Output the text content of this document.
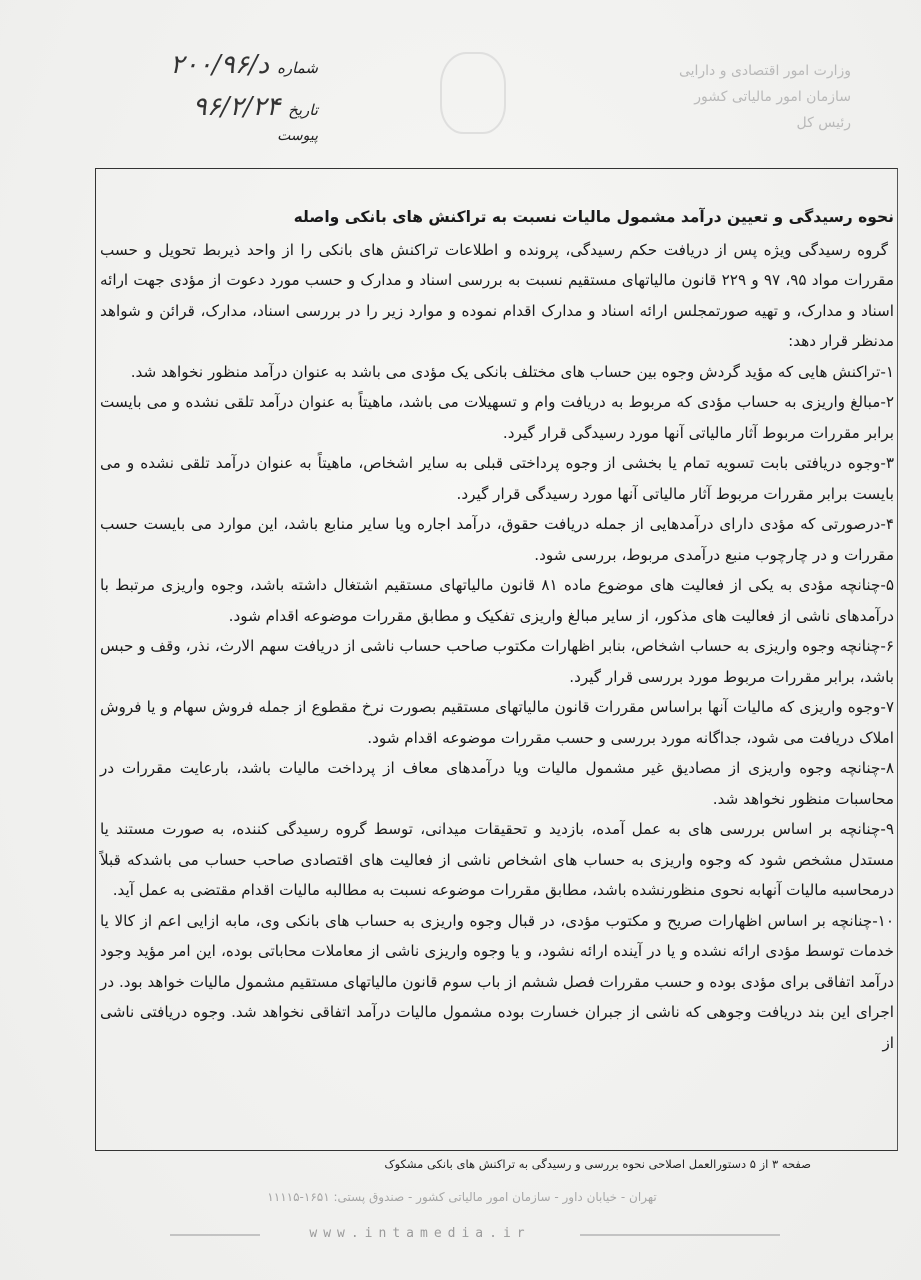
وزارت امور اقتصادی و دارایی
سازمان امور مالیاتی کشور
رئیس کل
شماره
۲۰۰/۹۶/د
تاریخ
۹۶/۲/۲۴
پیوست

نحوه رسیدگی و تعیین درآمد مشمول مالیات نسبت به تراکنش های بانکی واصله

گروه رسیدگی ویژه پس از دریافت حکم رسیدگی، پرونده و اطلاعات تراکنش های بانکی را از واحد ذیربط تحویل و حسب مقررات مواد ۹۵، ۹۷ و ۲۲۹ قانون مالیاتهای مستقیم نسبت به بررسی اسناد و مدارک و حسب مورد دعوت از مؤدی جهت ارائه اسناد و مدارک، و تهیه صورتمجلس ارائه اسناد و مدارک اقدام نموده و موارد زیر را در بررسی اسناد، مدارک، قرائن و شواهد مدنظر قرار دهد:

۱-تراکنش هایی که مؤید گردش وجوه بین حساب های مختلف بانکی یک مؤدی می باشد به عنوان درآمد منظور نخواهد شد.

۲-مبالغ واریزی به حساب مؤدی که مربوط به دریافت وام و تسهیلات می باشد، ماهیتاً به عنوان درآمد تلقی نشده و می بایست برابر مقررات مربوط آثار مالیاتی آنها مورد رسیدگی قرار گیرد.

۳-وجوه دریافتی بابت تسویه تمام یا بخشی از وجوه پرداختی قبلی به سایر اشخاص، ماهیتاً به عنوان درآمد تلقی نشده و می بایست برابر مقررات مربوط آثار مالیاتی آنها مورد رسیدگی قرار گیرد.

۴-درصورتی که مؤدی دارای درآمدهایی از جمله دریافت حقوق، درآمد اجاره ویا سایر منابع باشد، این موارد می بایست حسب مقررات و در چارچوب منبع درآمدی مربوط، بررسی شود.

۵-چنانچه مؤدی به یکی از فعالیت های موضوع ماده ۸۱ قانون مالیاتهای مستقیم اشتغال داشته باشد، وجوه واریزی مرتبط با درآمدهای ناشی از فعالیت های مذکور، از سایر مبالغ واریزی تفکیک و مطابق مقررات موضوعه اقدام شود.

۶-چنانچه وجوه واریزی به حساب اشخاص، بنابر اظهارات مکتوب صاحب حساب ناشی از دریافت سهم الارث، نذر، وقف و حبس باشد، برابر مقررات مربوط مورد بررسی قرار گیرد.

۷-وجوه واریزی که مالیات آنها براساس مقررات قانون مالیاتهای مستقیم بصورت نرخ مقطوع از جمله فروش سهام و یا فروش املاک دریافت می شود، جداگانه مورد بررسی و حسب مقررات موضوعه اقدام شود.

۸-چنانچه وجوه واریزی از مصادیق غیر مشمول مالیات ویا درآمدهای معاف از پرداخت مالیات باشد، بارعایت مقررات در محاسبات منظور نخواهد شد.

۹-چنانچه بر اساس بررسی های به عمل آمده، بازدید و تحقیقات میدانی، توسط گروه رسیدگی کننده، به صورت مستند یا مستدل مشخص شود که وجوه واریزی به حساب های اشخاص ناشی از فعالیت های اقتصادی صاحب حساب می باشدکه قبلاً درمحاسبه مالیات آنهابه نحوی منظورنشده باشد، مطابق مقررات موضوعه نسبت به مطالبه مالیات اقدام مقتضی به عمل آید.

۱۰-چنانچه بر اساس اظهارات صریح و مکتوب مؤدی، در قبال وجوه واریزی به حساب های بانکی وی، مابه ازایی اعم از کالا یا خدمات توسط مؤدی ارائه نشده و یا در آینده ارائه نشود، و یا وجوه واریزی ناشی از معاملات محاباتی بوده، این امر مؤید وجود درآمد اتفاقی برای مؤدی بوده و حسب مقررات فصل ششم از باب سوم قانون مالیاتهای مستقیم مشمول مالیات خواهد بود. در اجرای این بند دریافت وجوهی که ناشی از جبران خسارت بوده مشمول مالیات درآمد اتفاقی نخواهد شد. وجوه دریافتی ناشی از

صفحه ۳ از ۵ دستورالعمل اصلاحی نحوه بررسی و رسیدگی به تراکنش های بانکی مشکوک
تهران - خیابان داور - سازمان امور مالیاتی کشور - صندوق پستی: ۱۶۵۱-۱۱۱۱۵
www.intamedia.ir
